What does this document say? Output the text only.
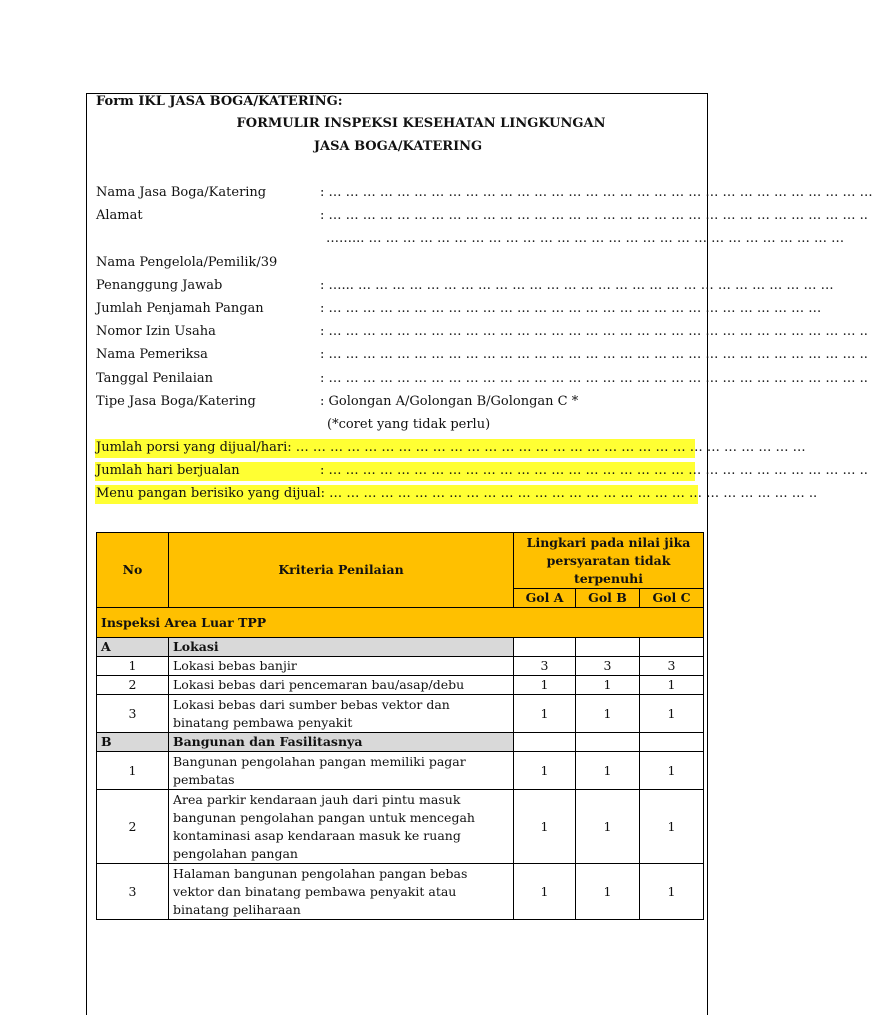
Form IKL JASA BOGA/KATERING:
FORMULIR INSPEKSI KESEHATAN LINGKUNGAN
JASA BOGA/KATERING
Nama Jasa Boga/Katering	: … … … … … … … … … … … … … … … … … … … … … … … … … … … … … … … …
Alamat	: … … … … … … … … … … … … … … … … … … … … … … … … … … … … … … … ..
……... … … … … … … … … … … … … … … … … … … … … … … … … … … … …
Nama Pengelola/Pemilik/39
Penanggung Jawab	: …... … … … … … … … … … … … … … … … … … … … … … … … … … … … …
Jumlah Penjamah Pangan	: … … … … … … … … … … … … … … … … … … … … … … … … … … … … …
Nomor Izin Usaha	: … … … … … … … … … … … … … … … … … … … … … … … … … … … … … … … ..
Nama Pemeriksa	: … … … … … … … … … … … … … … … … … … … … … … … … … … … … … … … ..
Tanggal Penilaian	: … … … … … … … … … … … … … … … … … … … … … … … … … … … … … … … ..
Tipe Jasa Boga/Katering	: Golongan A/Golongan B/Golongan C *
(*coret yang tidak perlu)
Jumlah porsi yang dijual/hari: … … … … … … … … … … … … … … … … … … … … … … … … … … … … … …
Jumlah hari berjualan	: … … … … … … … … … … … … … … … … … … … … … … … … … … … … … … … ..
Menu pangan berisiko yang dijual: … … … … … … … … … … … … … … … … … … … … … … … … … … … … ..
No	Kriteria Penilaian	Lingkari pada nilai jika persyaratan tidak terpenuhi		
		Gol A	Gol B	Gol C
Inspeksi Area Luar TPP				
A	Lokasi			
1	Lokasi bebas banjir	3	3	3
2	Lokasi bebas dari pencemaran bau/asap/debu	1	1	1
3	Lokasi bebas dari sumber bebas vektor dan binatang pembawa penyakit	1	1	1
B	Bangunan dan Fasilitasnya			
1	Bangunan pengolahan pangan memiliki pagar pembatas	1	1	1
2	Area parkir kendaraan jauh dari pintu masuk bangunan pengolahan pangan untuk mencegah kontaminasi asap kendaraan masuk ke ruang pengolahan pangan	1	1	1
3	Halaman bangunan pengolahan pangan bebas vektor dan binatang pembawa penyakit atau binatang peliharaan	1	1	1
